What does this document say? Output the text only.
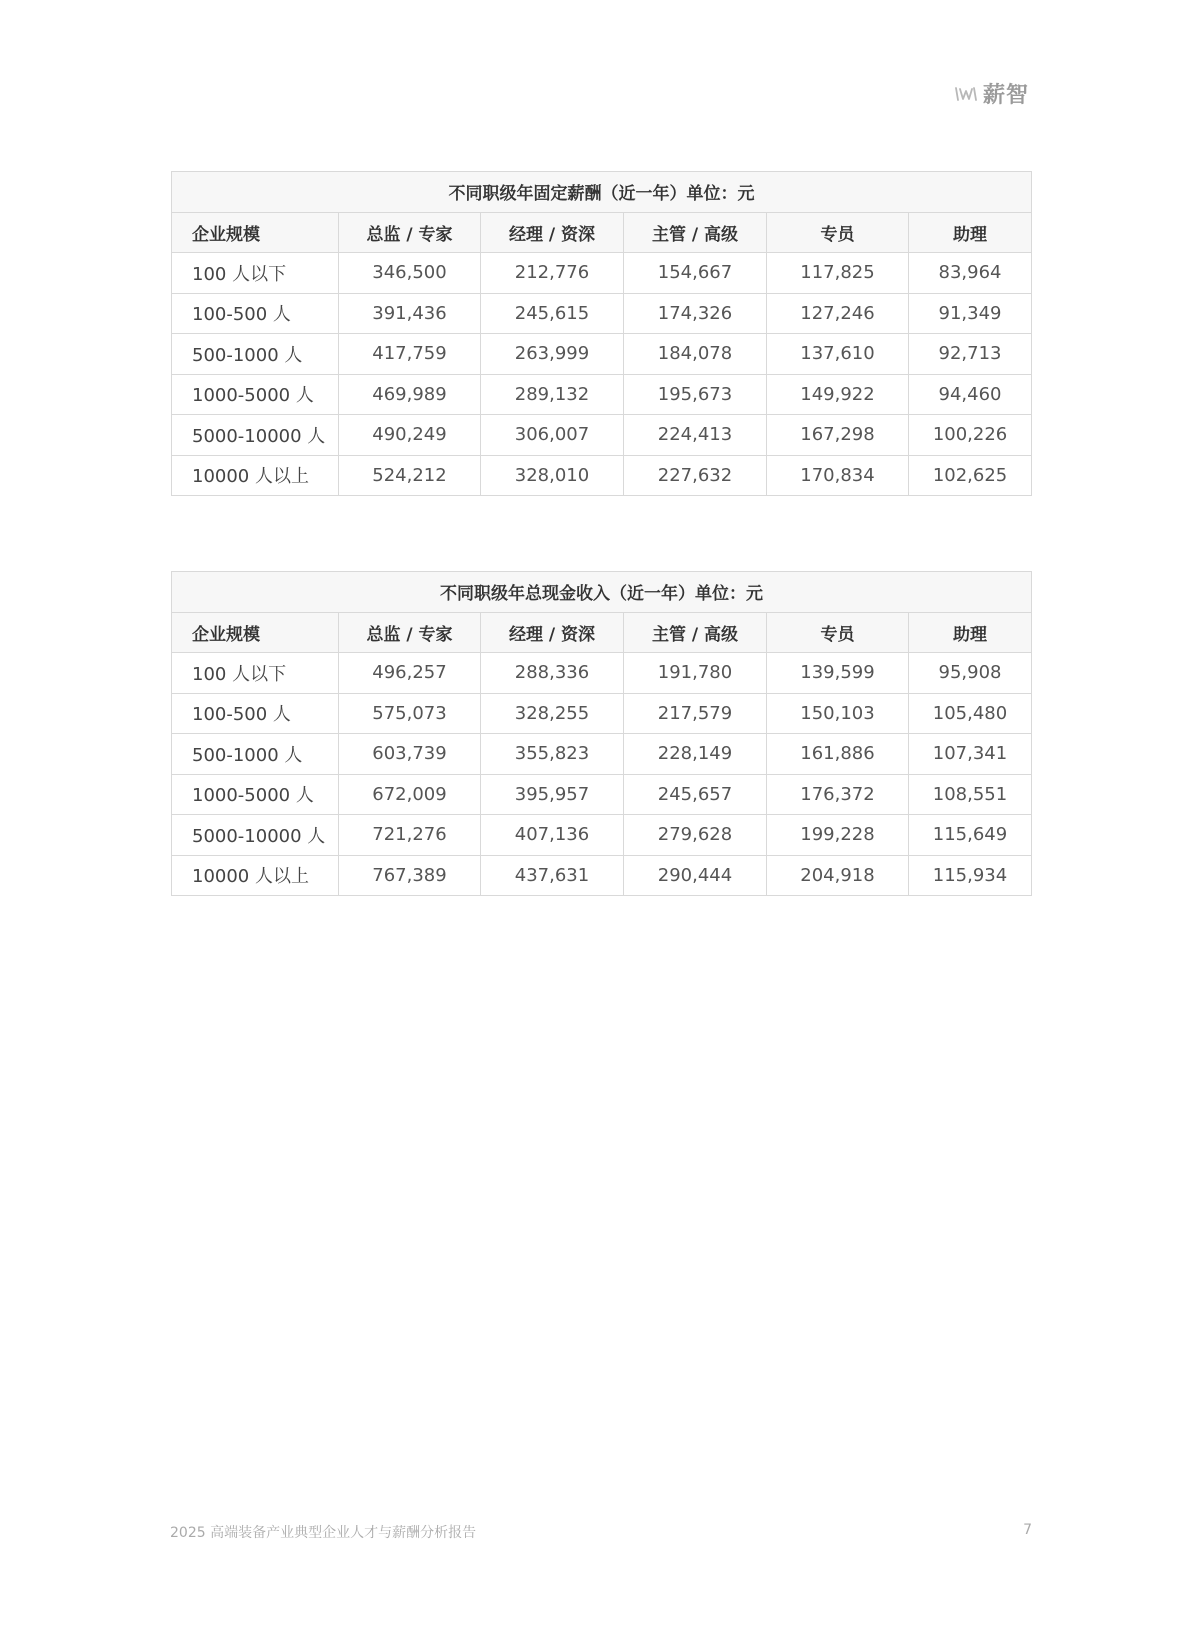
薪智
不同职级年固定薪酬（近一年）单位：元					
企业规模	总监 / 专家	经理 / 资深	主管 / 高级	专员	助理
100 人以下	346,500	212,776	154,667	117,825	83,964
100-500 人	391,436	245,615	174,326	127,246	91,349
500-1000 人	417,759	263,999	184,078	137,610	92,713
1000-5000 人	469,989	289,132	195,673	149,922	94,460
5000-10000 人	490,249	306,007	224,413	167,298	100,226
10000 人以上	524,212	328,010	227,632	170,834	102,625
不同职级年总现金收入（近一年）单位：元					
企业规模	总监 / 专家	经理 / 资深	主管 / 高级	专员	助理
100 人以下	496,257	288,336	191,780	139,599	95,908
100-500 人	575,073	328,255	217,579	150,103	105,480
500-1000 人	603,739	355,823	228,149	161,886	107,341
1000-5000 人	672,009	395,957	245,657	176,372	108,551
5000-10000 人	721,276	407,136	279,628	199,228	115,649
10000 人以上	767,389	437,631	290,444	204,918	115,934
2025 高端装备产业典型企业人才与薪酬分析报告	7
